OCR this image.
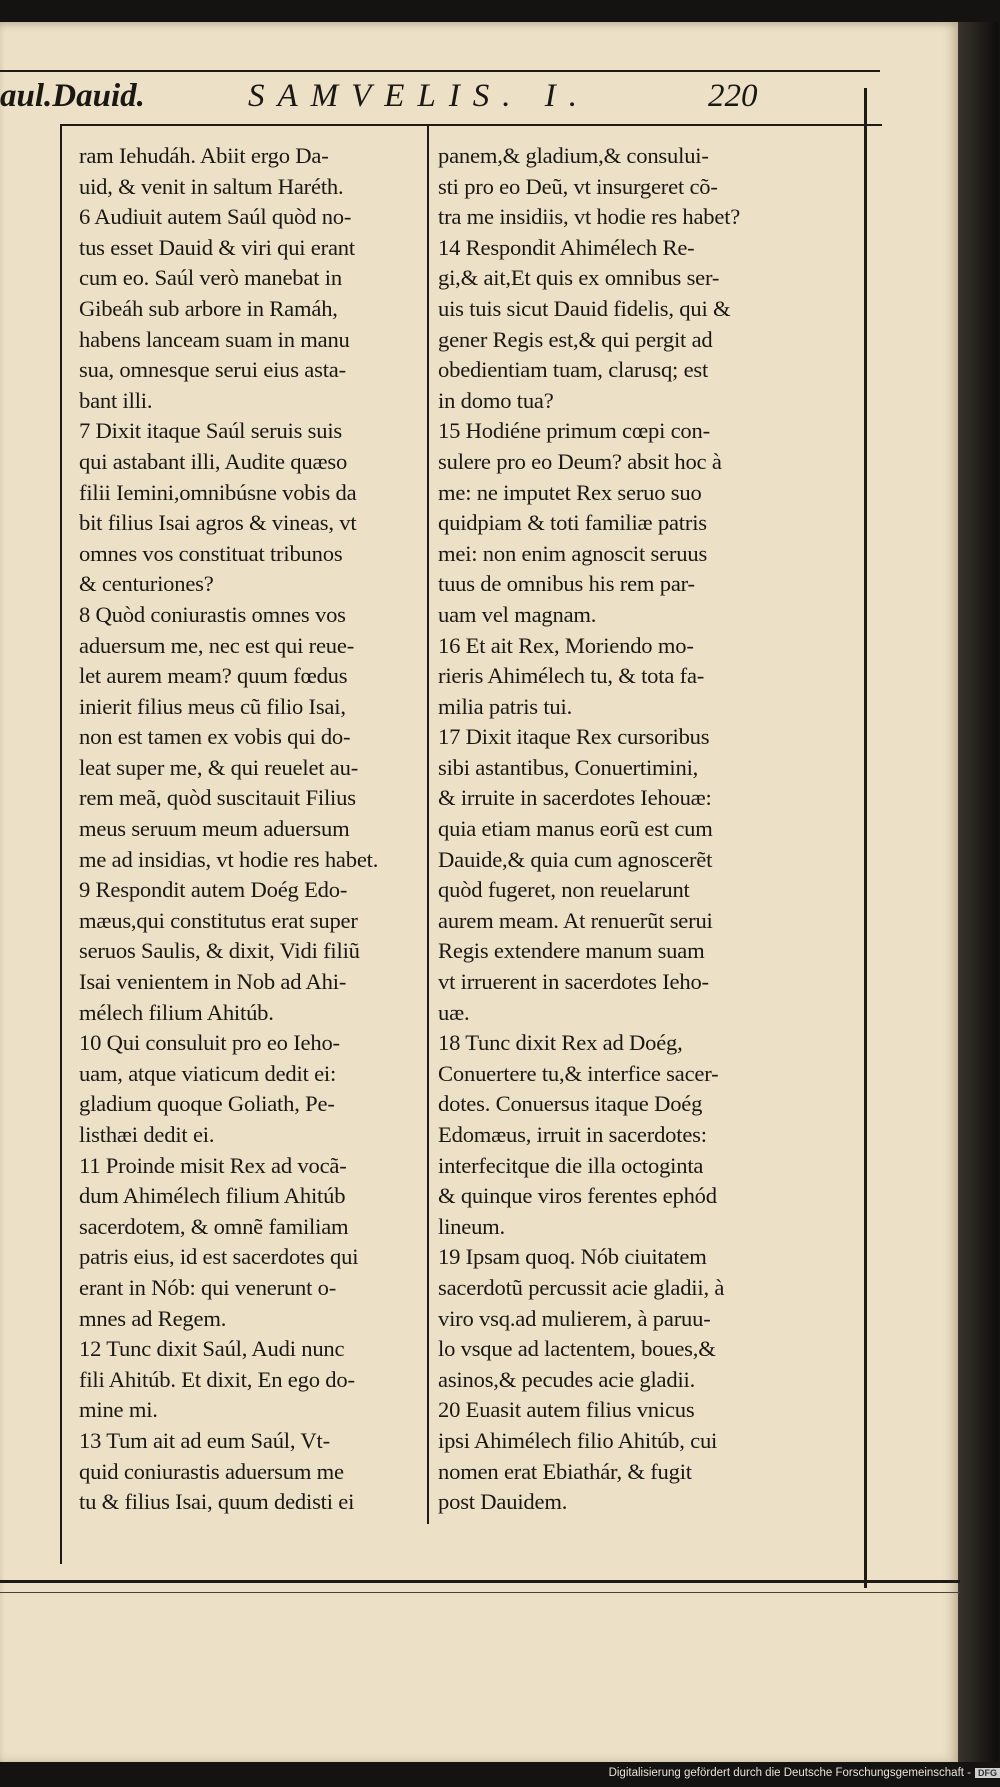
aul.Dauid.	SAMVELIS. I.	220
ram Iehudáh. Abiit ergo Da-
uid, & venit in saltum Haréth.
6 Audiuit autem Saúl quòd no-
tus esset Dauid & viri qui erant
cum eo. Saúl verò manebat in
Gibeáh sub arbore in Ramáh,
habens lanceam suam in manu
sua, omnesque serui eius asta-
bant illi.
7 Dixit itaque Saúl seruis suis
qui astabant illi, Audite quæso
filii Iemini,omnibúsne vobis da
bit filius Isai agros & vineas, vt
omnes vos constituat tribunos
& centuriones?
8 Quòd coniurastis omnes vos
aduersum me, nec est qui reue-
let aurem meam? quum fœdus
inierit filius meus cũ filio Isai,
non est tamen ex vobis qui do-
leat super me, & qui reuelet au-
rem meã, quòd suscitauit Filius
meus seruum meum aduersum
me ad insidias, vt hodie res habet.
9 Respondit autem Doég Edo-
mæus,qui constitutus erat super
seruos Saulis, & dixit, Vidi filiũ
Isai venientem in Nob ad Ahi-
mélech filium Ahitúb.
10 Qui consuluit pro eo Ieho-
uam, atque viaticum dedit ei:
gladium quoque Goliath, Pe-
listhæi dedit ei.
11 Proinde misit Rex ad vocã-
dum Ahimélech filium Ahitúb
sacerdotem, & omnẽ familiam
patris eius, id est sacerdotes qui
erant in Nób: qui venerunt o-
mnes ad Regem.
12 Tunc dixit Saúl, Audi nunc
fili Ahitúb. Et dixit, En ego do-
mine mi.
13 Tum ait ad eum Saúl, Vt-
quid coniurastis aduersum me
tu & filius Isai, quum dedisti ei
panem,& gladium,& consului-
sti pro eo Deũ, vt insurgeret cõ-
tra me insidiis, vt hodie res habet?
14 Respondit Ahimélech Re-
gi,& ait,Et quis ex omnibus ser-
uis tuis sicut Dauid fidelis, qui &
gener Regis est,& qui pergit ad
obedientiam tuam, clarusq; est
in domo tua?
15 Hodiéne primum cœpi con-
sulere pro eo Deum? absit hoc à
me: ne imputet Rex seruo suo
quidpiam & toti familiæ patris
mei: non enim agnoscit seruus
tuus de omnibus his rem par-
uam vel magnam.
16 Et ait Rex, Moriendo mo-
rieris Ahimélech tu, & tota fa-
milia patris tui.
17 Dixit itaque Rex cursoribus
sibi astantibus, Conuertimini,
& irruite in sacerdotes Iehouæ:
quia etiam manus eorũ est cum
Dauide,& quia cum agnoscerẽt
quòd fugeret, non reuelarunt
aurem meam. At renuerũt serui
Regis extendere manum suam
vt irruerent in sacerdotes Ieho-
uæ.
18 Tunc dixit Rex ad Doég,
Conuertere tu,& interfice sacer-
dotes. Conuersus itaque Doég
Edomæus, irruit in sacerdotes:
interfecitque die illa octoginta
& quinque viros ferentes ephód
lineum.
19 Ipsam quoq. Nób ciuitatem
sacerdotũ percussit acie gladii, à
viro vsq.ad mulierem, à paruu-
lo vsque ad lactentem, boues,&
asinos,& pecudes acie gladii.
20 Euasit autem filius vnicus
ipsi Ahimélech filio Ahitúb, cui
nomen erat Ebiathár, & fugit
post Dauidem.
Digitalisierung gefördert durch die Deutsche Forschungsgemeinschaft - DFG
